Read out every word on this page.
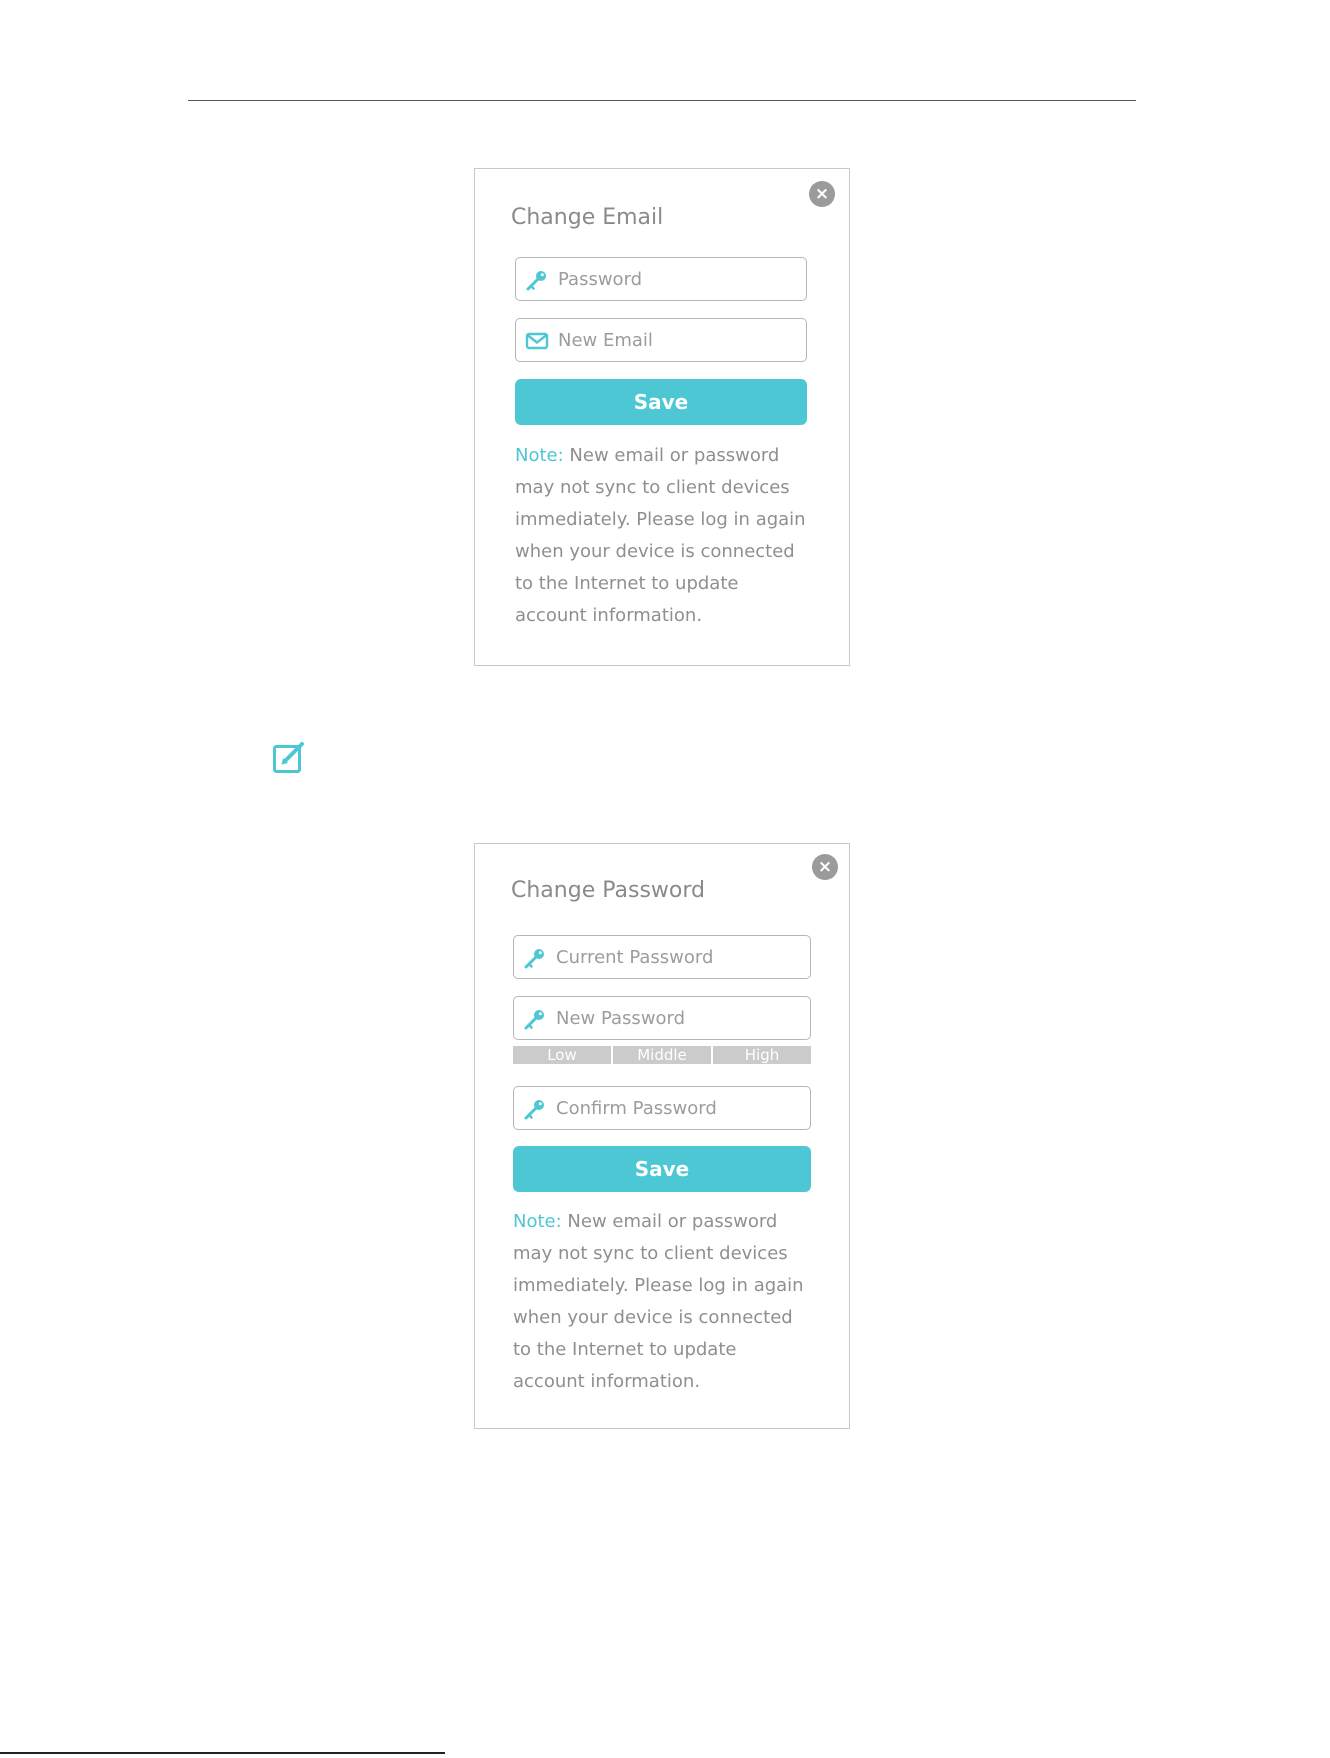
×
Change Email
Password
New Email
Save

Note: New email or password may not sync to client devices immediately. Please log in again when your device is connected to the Internet to update account information.

×
Change Password
Low	Middle	High
Save

Note: New email or password may not sync to client devices immediately. Please log in again when your device is connected to the Internet to update account information.
